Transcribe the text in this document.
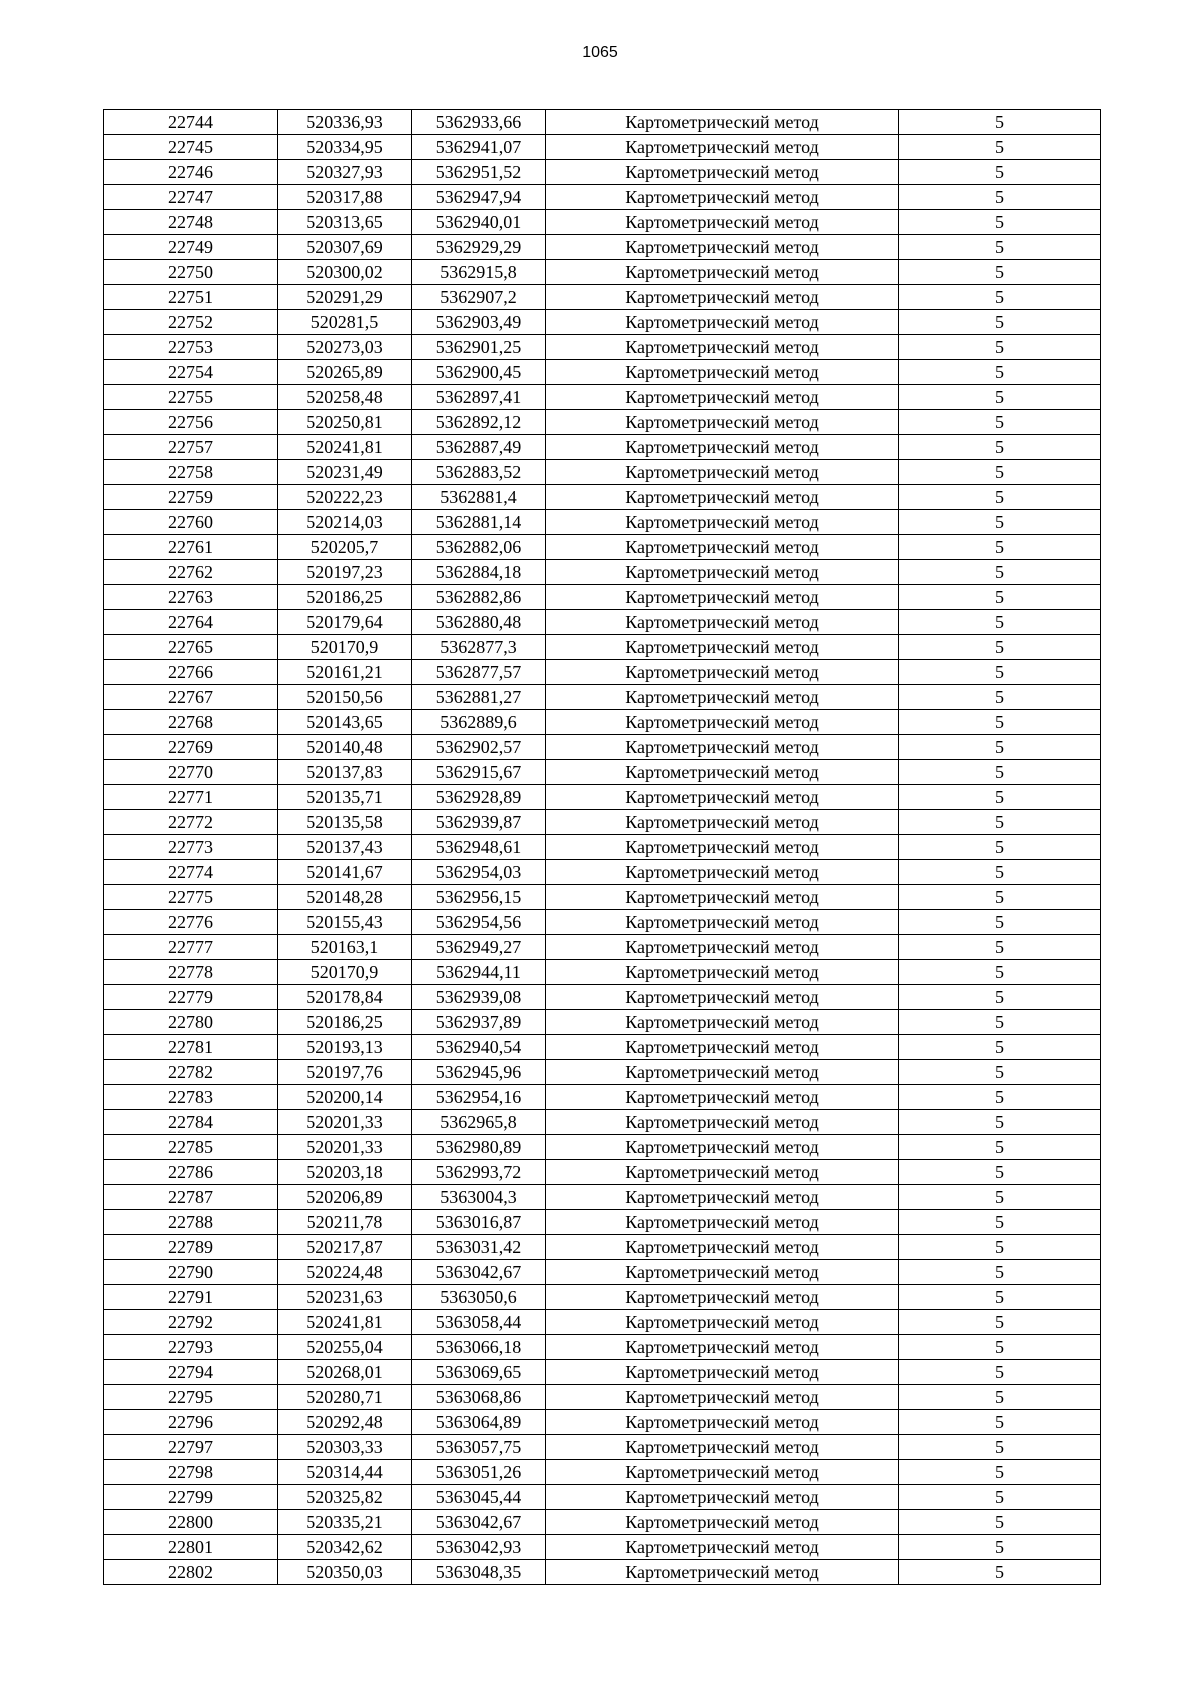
1065
22744	520336,93	5362933,66	Картометрический метод	5
22745	520334,95	5362941,07	Картометрический метод	5
22746	520327,93	5362951,52	Картометрический метод	5
22747	520317,88	5362947,94	Картометрический метод	5
22748	520313,65	5362940,01	Картометрический метод	5
22749	520307,69	5362929,29	Картометрический метод	5
22750	520300,02	5362915,8	Картометрический метод	5
22751	520291,29	5362907,2	Картометрический метод	5
22752	520281,5	5362903,49	Картометрический метод	5
22753	520273,03	5362901,25	Картометрический метод	5
22754	520265,89	5362900,45	Картометрический метод	5
22755	520258,48	5362897,41	Картометрический метод	5
22756	520250,81	5362892,12	Картометрический метод	5
22757	520241,81	5362887,49	Картометрический метод	5
22758	520231,49	5362883,52	Картометрический метод	5
22759	520222,23	5362881,4	Картометрический метод	5
22760	520214,03	5362881,14	Картометрический метод	5
22761	520205,7	5362882,06	Картометрический метод	5
22762	520197,23	5362884,18	Картометрический метод	5
22763	520186,25	5362882,86	Картометрический метод	5
22764	520179,64	5362880,48	Картометрический метод	5
22765	520170,9	5362877,3	Картометрический метод	5
22766	520161,21	5362877,57	Картометрический метод	5
22767	520150,56	5362881,27	Картометрический метод	5
22768	520143,65	5362889,6	Картометрический метод	5
22769	520140,48	5362902,57	Картометрический метод	5
22770	520137,83	5362915,67	Картометрический метод	5
22771	520135,71	5362928,89	Картометрический метод	5
22772	520135,58	5362939,87	Картометрический метод	5
22773	520137,43	5362948,61	Картометрический метод	5
22774	520141,67	5362954,03	Картометрический метод	5
22775	520148,28	5362956,15	Картометрический метод	5
22776	520155,43	5362954,56	Картометрический метод	5
22777	520163,1	5362949,27	Картометрический метод	5
22778	520170,9	5362944,11	Картометрический метод	5
22779	520178,84	5362939,08	Картометрический метод	5
22780	520186,25	5362937,89	Картометрический метод	5
22781	520193,13	5362940,54	Картометрический метод	5
22782	520197,76	5362945,96	Картометрический метод	5
22783	520200,14	5362954,16	Картометрический метод	5
22784	520201,33	5362965,8	Картометрический метод	5
22785	520201,33	5362980,89	Картометрический метод	5
22786	520203,18	5362993,72	Картометрический метод	5
22787	520206,89	5363004,3	Картометрический метод	5
22788	520211,78	5363016,87	Картометрический метод	5
22789	520217,87	5363031,42	Картометрический метод	5
22790	520224,48	5363042,67	Картометрический метод	5
22791	520231,63	5363050,6	Картометрический метод	5
22792	520241,81	5363058,44	Картометрический метод	5
22793	520255,04	5363066,18	Картометрический метод	5
22794	520268,01	5363069,65	Картометрический метод	5
22795	520280,71	5363068,86	Картометрический метод	5
22796	520292,48	5363064,89	Картометрический метод	5
22797	520303,33	5363057,75	Картометрический метод	5
22798	520314,44	5363051,26	Картометрический метод	5
22799	520325,82	5363045,44	Картометрический метод	5
22800	520335,21	5363042,67	Картометрический метод	5
22801	520342,62	5363042,93	Картометрический метод	5
22802	520350,03	5363048,35	Картометрический метод	5
